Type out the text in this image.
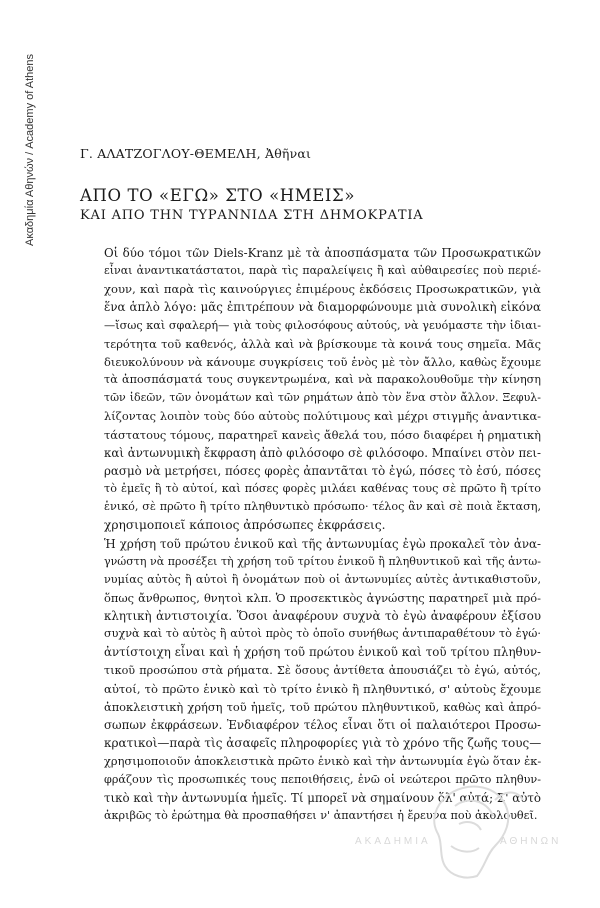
Ακαδημία Αθηνών / Academy of Athens	Γ. ΑΛΑΤΖΟΓΛΟΥ-ΘΕΜΕΛΗ, Ἀθῆναι
ΑΠΟ ΤΟ «ΕΓΩ» ΣΤΟ «ΗΜΕΙΣ»
ΚΑΙ ΑΠΟ ΤΗΝ ΤΥΡΑΝΝΙΔΑ ΣΤΗ ΔΗΜΟΚΡΑΤΙΑ

Οἱ δύο τόμοι τῶν Diels-Kranz μὲ τὰ ἀποσπάσματα τῶν Προσωκρατικῶν
εἶναι ἀναντικατάστατοι, παρὰ τὶς παραλείψεις ἢ καὶ αὐθαιρεσίες ποὺ περιέ-
χουν, καὶ παρὰ τὶς καινούργιες ἐπιμέρους ἐκδόσεις Προσωκρατικῶν, γιὰ
ἕνα ἁπλὸ λόγο: μᾶς ἐπιτρέπουν νὰ διαμορφώνουμε μιὰ συνολικὴ εἰκόνα
—ἴσως καὶ σφαλερή— γιὰ τοὺς φιλοσόφους αὐτούς, νὰ γευόμαστε τὴν ἰδιαι-
τερότητα τοῦ καθενός, ἀλλὰ καὶ νὰ βρίσκουμε τὰ κοινά τους σημεῖα. Μᾶς
διευκολύνουν νὰ κάνουμε συγκρίσεις τοῦ ἑνὸς μὲ τὸν ἄλλο, καθὼς ἔχουμε
τὰ ἀποσπάσματά τους συγκεντρωμένα, καὶ νὰ παρακολουθοῦμε τὴν κίνηση
τῶν ἰδεῶν, τῶν ὀνομάτων καὶ τῶν ρημάτων ἀπὸ τὸν ἕνα στὸν ἄλλον. Ξεφυλ-
λίζοντας λοιπὸν τοὺς δύο αὐτοὺς πολύτιμους καὶ μέχρι στιγμῆς ἀναντικα-
τάστατους τόμους, παρατηρεῖ κανεὶς ἄθελά του, πόσο διαφέρει ἡ ρηματικὴ
καὶ ἀντωνυμικὴ ἔκφραση ἀπὸ φιλόσοφο σὲ φιλόσοφο. Μπαίνει στὸν πει-
ρασμὸ νὰ μετρήσει, πόσες φορὲς ἀπαντᾶται τὸ ἐγώ, πόσες τὸ ἐσύ, πόσες
τὸ ἐμεῖς ἢ τὸ αὐτοί, καὶ πόσες φορὲς μιλάει καθένας τους σὲ πρῶτο ἢ τρίτο
ἑνικό, σὲ πρῶτο ἢ τρίτο πληθυντικὸ πρόσωπο· τέλος ἂν καὶ σὲ ποιὰ ἔκταση,
χρησιμοποιεῖ κάποιος ἀπρόσωπες ἐκφράσεις.

Ἡ χρήση τοῦ πρώτου ἑνικοῦ καὶ τῆς ἀντωνυμίας ἐγὼ προκαλεῖ τὸν ἀνα-
γνώστη νὰ προσέξει τὴ χρήση τοῦ τρίτου ἑνικοῦ ἢ πληθυντικοῦ καὶ τῆς ἀντω-
νυμίας αὐτὸς ἢ αὐτοὶ ἢ ὀνομάτων ποὺ οἱ ἀντωνυμίες αὐτὲς ἀντικαθιστοῦν,
ὅπως ἄνθρωπος, θνητοὶ κλπ. Ὁ προσεκτικὸς ἀγνώστης παρατηρεῖ μιὰ πρό-
κλητικὴ ἀντιστοιχία. Ὅσοι ἀναφέρουν συχνὰ τὸ ἐγὼ ἀναφέρουν ἐξίσου
συχνὰ καὶ τὸ αὐτὸς ἢ αὐτοὶ πρὸς τὸ ὁποῖο συνήθως ἀντιπαραθέτουν τὸ ἐγώ·
ἀντίστοιχη εἶναι καὶ ἡ χρήση τοῦ πρώτου ἑνικοῦ καὶ τοῦ τρίτου πληθυν-
τικοῦ προσώπου στὰ ρήματα. Σὲ ὅσους ἀντίθετα ἀπουσιάζει τὸ ἐγώ, αὐτός,
αὐτοί, τὸ πρῶτο ἑνικὸ καὶ τὸ τρίτο ἑνικὸ ἢ πληθυντικό, σ' αὐτοὺς ἔχουμε
ἀποκλειστικὴ χρήση τοῦ ἡμεῖς, τοῦ πρώτου πληθυντικοῦ, καθὼς καὶ ἀπρό-
σωπων ἐκφράσεων. Ἐνδιαφέρον τέλος εἶναι ὅτι οἱ παλαιότεροι Προσω-
κρατικοὶ—παρὰ τὶς ἀσαφεῖς πληροφορίες γιὰ τὸ χρόνο τῆς ζωῆς τους—
χρησιμοποιοῦν ἀποκλειστικὰ πρῶτο ἑνικὸ καὶ τὴν ἀντωνυμία ἐγὼ ὅταν ἐκ-
φράζουν τὶς προσωπικές τους πεποιθήσεις, ἐνῶ οἱ νεώτεροι πρῶτο πληθυν-
τικὸ καὶ τὴν ἀντωνυμία ἡμεῖς. Τί μπορεῖ νὰ σημαίνουν ὅλ' αὐτά; Σ' αὐτὸ
ἀκριβῶς τὸ ἐρώτημα θὰ προσπαθήσει ν' ἀπαντήσει ἡ ἔρευνα ποὺ ἀκολουθεῖ.

ΑΚΑΔΗΜΙΑ	ΑΘΗΝΩΝ
